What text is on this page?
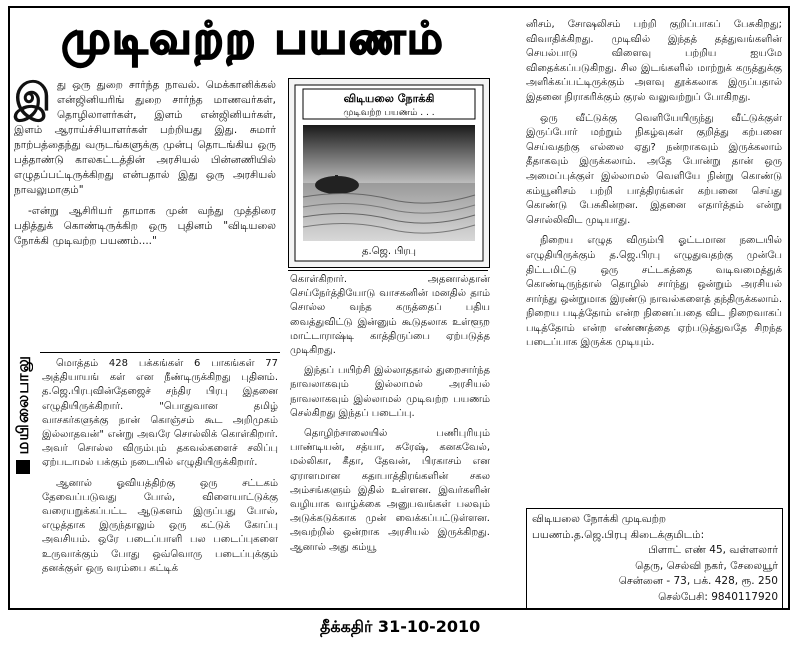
முடிவற்ற பயணம்

இது ஒரு துறை சார்ந்த நாவல். மெக்கானிக்கல் என்ஜினியரிங் துறை சார்ந்த மாணவர்கள், தொழிலாளர்கள், இளம் என்ஜினியர்கள், இளம் ஆராய்ச்சியாளர்கள் பற்றியது இது. சுமார் நாற்பத்தைந்து வருடங்களுக்கு முன்பு தொடங்கிய ஒரு பத்தாண்டு காலகட்டத்தின் அரசியல் பின்னணியில் எழுதப்பட்டிருக்கிறது என்பதால் இது ஒரு அரசியல் நாவலுமாகும்"

-என்று ஆசிரியர் தாமாக முன் வந்து முத்திரை பதித்துக் கொண்டிருக்கிற ஒரு புதினம் "விடியலை நோக்கி முடிவற்ற பயணம்...."

மொத்தம் 428 பக்கங்கள் 6 பாகங்கள் 77 அத்தியாயங் கள் என நீண்டிருக்கிறது புதினம். த.ஜெ.பிரபுவின்தேஜைச் சந்திர பிரபு இதனை எழுதியிருக்கிறார். "பொதுவான தமிழ் வாசகர்களுக்கு நான் கொஞ்சம் கூட அறிமுகம் இல்லாதவன்" என்று அவரே சொல்லிக் கொள்கிறார். அவர் சொல்ல விரும்பும் தகவல்களைச் சலிப்பு ஏற்படாமல் பக்கும் நடையில் எழுதியிருக்கிறார்.

ஆனால் ஓவியத்திற்கு ஒரு சட்டகம் தேவைப்படுவது போல், விளையாட்டுக்கு வரையறுக்கப்பட்ட ஆடுகளம் இருப்பது போல், எழுத்தாக இருந்தாலும் ஒரு கட்டுக் கோப்பு அவசியம். ஒரே படைப்பாளி பல படைப்புகளை உருவாக்கும் போது ஒவ்வொரு படைப்புக்கும் தனக்குள் ஒரு வரம்பை கட்டிக்

மயிலைபாலு
விடியலை நோக்கி
முடிவற்ற பயணம் . . .
த.ஜெ. பிரபு

கொள்கிறார். அதனால்தான் செய்நேர்த்தியோடு வாசகனின் மனதில் தாம் சொல்ல வந்த கருத்தைப் பதிய வைத்துவிட்டு இன்னும் கூடுதலாக உள்ளூற மாட்டாராஷ்டி காத்திருப்பை ஏற்படுத்த முடிகிறது.

இந்தப் பயிற்சி இல்லாததால் துறைசார்ந்த நாவலாகவும் இல்லாமல் அரசியல் நாவலாகவும் இல்லாமல் முடிவற்ற பயணம் செல்கிறது இந்தப் படைப்பு.

தொழிற்சாலையில் பணிபுரியும் பாண்டியன், சத்யா, சுரேஷ், கனகவேல், மல்லிகா, கீதா, தேவன், பிரகாசம் என ஏராளமான கதாபாத்திரங்களின் சகல அம்சங்களும் இதில் உள்ளன. இவர்களின் வழியாக வாழ்க்கை அனுபவங்கள் பலவும் அடுக்கடுக்காக முன் வைக்கப்பட்டுள்ளன. அவற்றில் ஒன்றாக அரசியல் இருக்கிறது. ஆனால் அது கம்யூ

னிசம், சோஷலிசம் பற்றி குறிப்பாகப் பேசுகிறது; விவாதிக்கிறது. முடிவில் இந்தத் தத்துவங்களின் செயல்பாடு விளைவு பற்றிய ஐயமே விதைக்கப்படுகிறது. சில இடங்களில் மாற்றுக் கருத்துக்கு அளிக்கப்பட்டிருக்கும் அளவு தூக்கலாக இருப்பதால் இதனை நிராகரிக்கும் குரல் வலுவற்றுப் போகிறது.

ஒரு வீட்டுக்கு வெளியேயிருந்து வீட்டுக்குள் இருப்போர் மற்றும் நிகழ்வுகள் குறித்து கற்பனை செய்வதற்கு எல்லை ஏது? நன்றாகவும் இருக்கலாம் தீதாகவும் இருக்கலாம். அதே போன்று தான் ஒரு அமைப்புக்குள் இல்லாமல் வெளியே நின்று கொண்டு கம்யூனிசம் பற்றி பாத்திரங்கள் கற்பனை செய்து கொண்டு பேசுகின்றன. இதனை எதார்த்தம் என்று சொல்லிவிட முடியாது.

நிறைய எழுத விரும்பி ஓட்டமான நடையில் எழுதியிருக்கும் த.ஜெ.பிரபு எழுதுவதற்கு முன்பே திட்டமிட்டு ஒரு சட்டகத்தை வடிவமைத்துக் கொண்டிருந்தால் தொழில் சார்ந்து ஒன்றும் அரசியல் சார்ந்து ஒன்றுமாக இரண்டு நாவல்களைத் தந்திருக்கலாம். நிறைய படித்தோம் என்ற நினைப்பதை விட நிறைவாகப் படித்தோம் என்ற எண்ணத்தை ஏற்படுத்துவதே சிறந்த படைப்பாக இருக்க முடியும்.

விடியலை நோக்கி முடிவற்ற
பயணம்.த.ஜெ.பிரபு கிடைக்குமிடம்:
பிளாட் எண் 45, வள்ளலார்
தெரு, செல்வி நகர், சேலையூர்
சென்னை - 73, பக். 428, ரூ. 250
செல்பேசி: 9840117920
தீக்கதிர் 31-10-2010
